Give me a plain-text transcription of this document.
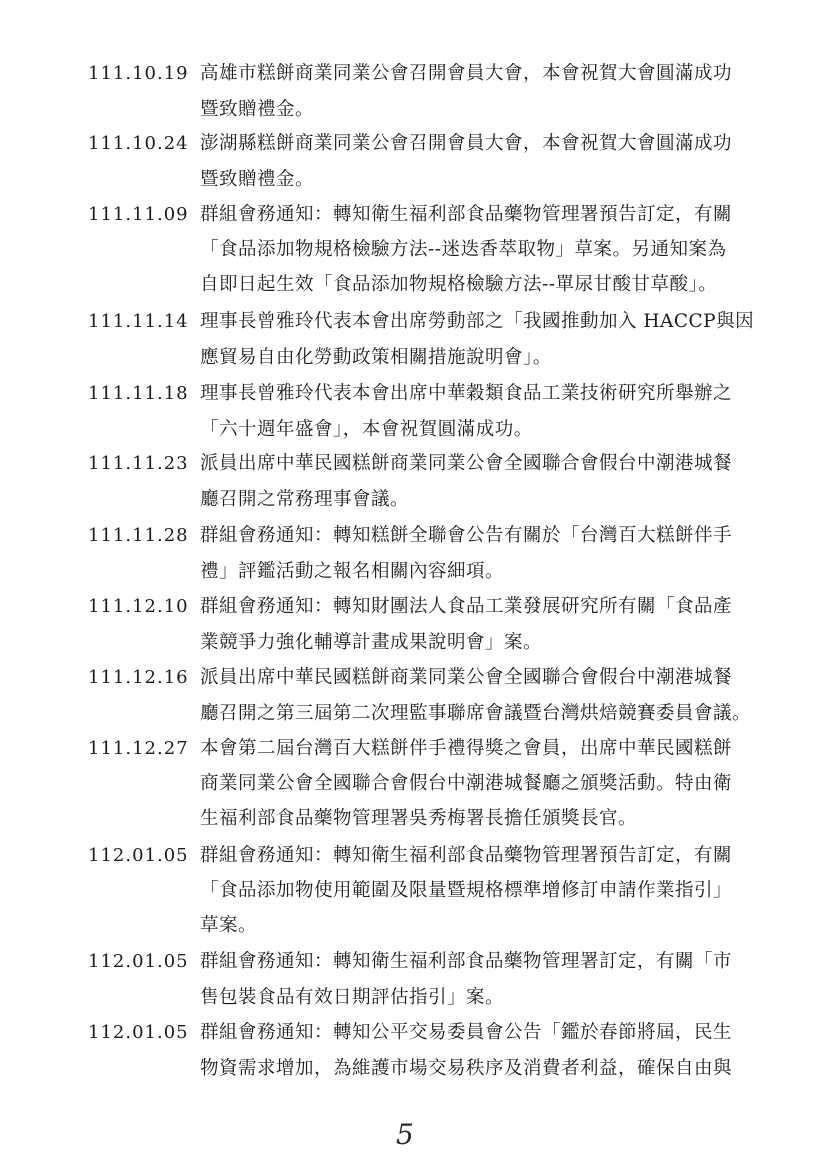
111.10.19 高雄市糕餅商業同業公會召開會員大會，本會祝賀大會圓滿成功
暨致贈禮金。
111.10.24 澎湖縣糕餅商業同業公會召開會員大會，本會祝賀大會圓滿成功
暨致贈禮金。
111.11.09 群組會務通知：轉知衛生福利部食品藥物管理署預告訂定，有關
「食品添加物規格檢驗方法--迷迭香萃取物」草案。另通知案為
自即日起生效「食品添加物規格檢驗方法--單尿甘酸甘草酸」。
111.11.14 理事長曾雅玲代表本會出席勞動部之「我國推動加入 HACCP與因
應貿易自由化勞動政策相關措施說明會」。
111.11.18 理事長曾雅玲代表本會出席中華穀類食品工業技術研究所舉辦之
「六十週年盛會」，本會祝賀圓滿成功。
111.11.23 派員出席中華民國糕餅商業同業公會全國聯合會假台中潮港城餐
廳召開之常務理事會議。
111.11.28 群組會務通知：轉知糕餅全聯會公告有關於「台灣百大糕餅伴手
禮」評鑑活動之報名相關內容細項。
111.12.10 群組會務通知：轉知財團法人食品工業發展研究所有關「食品產
業競爭力強化輔導計畫成果說明會」案。
111.12.16 派員出席中華民國糕餅商業同業公會全國聯合會假台中潮港城餐
廳召開之第三屆第二次理監事聯席會議暨台灣烘焙競賽委員會議。
111.12.27 本會第二屆台灣百大糕餅伴手禮得獎之會員，出席中華民國糕餅
商業同業公會全國聯合會假台中潮港城餐廳之頒獎活動。特由衛
生福利部食品藥物管理署吳秀梅署長擔任頒獎長官。
112.01.05 群組會務通知：轉知衛生福利部食品藥物管理署預告訂定，有關
「食品添加物使用範圍及限量暨規格標準增修訂申請作業指引」
草案。
112.01.05 群組會務通知：轉知衛生福利部食品藥物管理署訂定，有關「市
售包裝食品有效日期評估指引」案。
112.01.05 群組會務通知：轉知公平交易委員會公告「鑑於春節將屆，民生
物資需求增加，為維護市場交易秩序及消費者利益，確保自由與
5
